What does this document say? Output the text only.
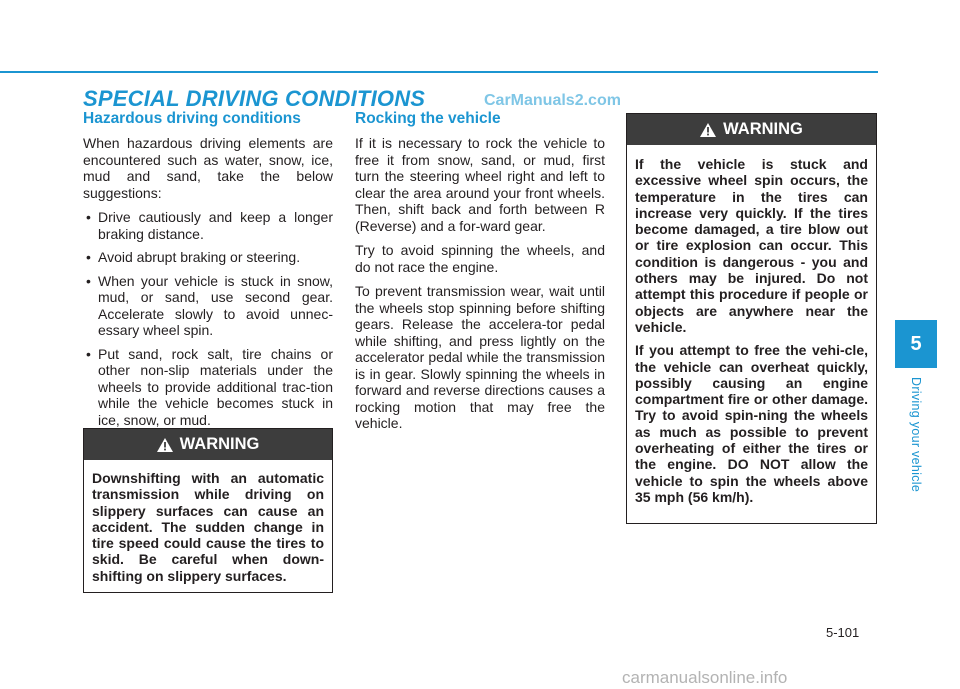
SPECIAL DRIVING CONDITIONS	CarManuals2.com
Hazardous driving conditions

When hazardous driving elements are encountered such as water, snow, ice, mud and sand, take the below suggestions:

• Drive cautiously and keep a longer braking distance.
• Avoid abrupt braking or steering.
• When your vehicle is stuck in snow, mud, or sand, use second gear. Accelerate slowly to avoid unnec-essary wheel spin.
• Put sand, rock salt, tire chains or other non-slip materials under the wheels to provide additional trac-tion while the vehicle becomes stuck in ice, snow, or mud.
WARNING

Downshifting with an automatic transmission while driving on slippery surfaces can cause an accident. The sudden change in tire speed could cause the tires to skid. Be careful when down-shifting on slippery surfaces.

Rocking the vehicle

If it is necessary to rock the vehicle to free it from snow, sand, or mud, first turn the steering wheel right and left to clear the area around your front wheels. Then, shift back and forth between R (Reverse) and a for-ward gear.

Try to avoid spinning the wheels, and do not race the engine.

To prevent transmission wear, wait until the wheels stop spinning before shifting gears. Release the accelera-tor pedal while shifting, and press lightly on the accelerator pedal while the transmission is in gear. Slowly spinning the wheels in forward and reverse directions causes a rocking motion that may free the vehicle.

WARNING

If the vehicle is stuck and excessive wheel spin occurs, the temperature in the tires can increase very quickly. If the tires become damaged, a tire blow out or tire explosion can occur. This condition is dangerous - you and others may be injured. Do not attempt this procedure if people or objects are anywhere near the vehicle.

If you attempt to free the vehi-cle, the vehicle can overheat quickly, possibly causing an engine compartment fire or other damage. Try to avoid spin-ning the wheels as much as possible to prevent overheating of either the tires or the engine. DO NOT allow the vehicle to spin the wheels above 35 mph (56 km/h).

5
Driving your vehicle
5-101
carmanualsonline.info
